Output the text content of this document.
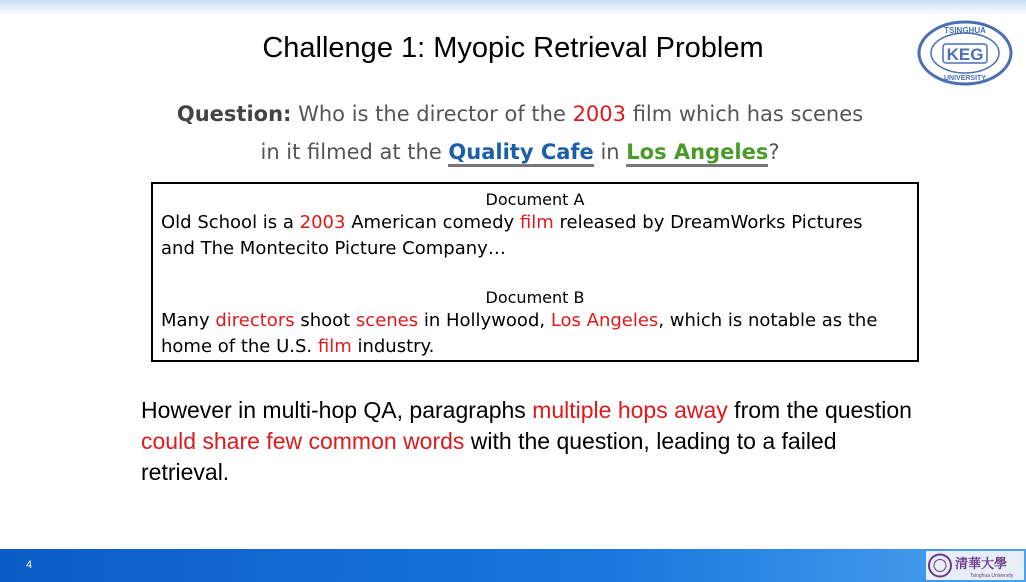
Challenge 1: Myopic Retrieval Problem
TSINGHUA
KEG
UNIVERSITY
Question: Who is the director of the 2003 film which has scenes
in it filmed at the Quality Cafe in Los Angeles?
Document A
Old School is a 2003 American comedy film released by DreamWorks Pictures and The Montecito Picture Company…
Document B
Many directors shoot scenes in Hollywood, Los Angeles, which is notable as the home of the U.S. film industry.
However in multi-hop QA, paragraphs multiple hops away from the question could share few common words with the question, leading to a failed retrieval.
4	清華大學
Tsinghua University
